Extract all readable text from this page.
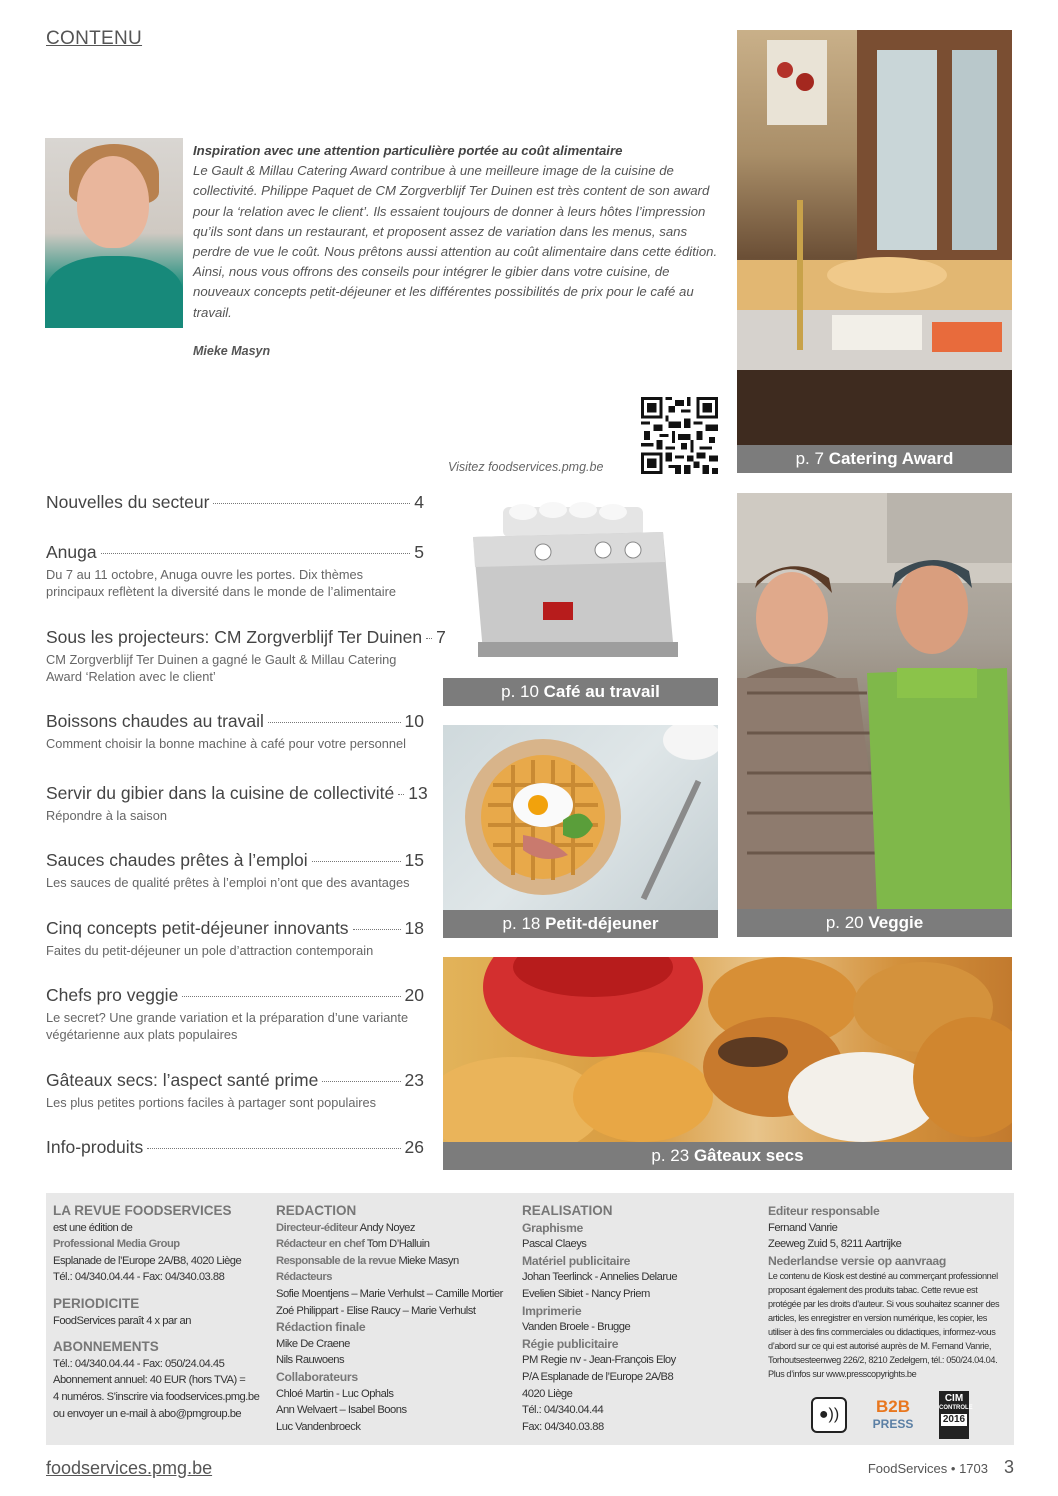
CONTENU
Inspiration avec une attention particulière portée au coût alimentaire
Le Gault & Millau Catering Award contribue à une meilleure image de la cuisine de collectivité. Philippe Paquet de CM Zorgverblijf Ter Duinen est très content de son award pour la ‘relation avec le client’. Ils essaient toujours de donner à leurs hôtes l’impression qu’ils sont dans un restaurant, et proposent assez de variation dans les menus, sans perdre de vue le coût. Nous prêtons aussi attention au coût alimentaire dans cette édition. Ainsi, nous vous offrons des conseils pour intégrer le gibier dans votre cuisine, de nouveaux concepts petit-déjeuner et les différentes possibilités de prix pour le café au travail.
Mieke Masyn
Visitez foodservices.pmg.be	p. 7 Catering Award
p. 10 Café au travail
p. 20 Veggie
p. 18 Petit-déjeuner
p. 23 Gâteaux secs
Nouvelles du secteur	4
Anuga	5
Du 7 au 11 octobre, Anuga ouvre les portes. Dix thèmes principaux reflètent la diversité dans le monde de l’alimentaire
Sous les projecteurs: CM Zorgverblijf Ter Duinen 7
CM Zorgverblijf Ter Duinen a gagné le Gault & Millau Catering Award ‘Relation avec le client’
Boissons chaudes au travail	10
Comment choisir la bonne machine à café pour votre personnel
Servir du gibier dans la cuisine de collectivité 13
Répondre à la saison
Sauces chaudes prêtes à l’emploi	15
Les sauces de qualité prêtes à l’emploi n’ont que des avantages
Cinq concepts petit-déjeuner innovants	18
Faites du petit-déjeuner un pole d’attraction contemporain
Chefs pro veggie	20
Le secret? Une grande variation et la préparation d’une variante végétarienne aux plats populaires
Gâteaux secs: l’aspect santé prime	23
Les plus petites portions faciles à partager sont populaires
Info-produits	26
LA REVUE FOODSERVICES
est une édition de
Professional Media Group
Esplanade de l’Europe 2A/B8, 4020 Liège
Tél.: 04/340.04.44 - Fax: 04/340.03.88
PERIODICITE
FoodServices paraît 4 x par an
ABONNEMENTS
Tél.: 04/340.04.44 - Fax: 050/24.04.45
Abonnement annuel: 40 EUR (hors TVA) =
4 numéros. S’inscrire via foodservices.pmg.be
ou envoyer un e-mail à abo@pmgroup.be
REDACTION
Directeur-éditeur Andy Noyez
Rédacteur en chef Tom D’Halluin
Responsable de la revue Mieke Masyn
Rédacteurs
Sofie Moentjens – Marie Verhulst – Camille Mortier
Zoé Philippart - Elise Raucy – Marie Verhulst
Rédaction finale
Mike De Craene
Nils Rauwoens
Collaborateurs
Chloé Martin - Luc Ophals
Ann Welvaert – Isabel Boons
Luc Vandenbroeck
REALISATION
Graphisme
Pascal Claeys
Matériel publicitaire
Johan Teerlinck - Annelies Delarue
Evelien Sibiet - Nancy Priem
Imprimerie
Vanden Broele - Brugge
Régie publicitaire
PM Regie nv - Jean-François Eloy
P/A Esplanade de l’Europe 2A/B8
4020 Liège
Tél.: 04/340.04.44
Fax: 04/340.03.88
Editeur responsable
Fernand Vanrie
Zeeweg Zuid 5, 8211 Aartrijke
Nederlandse versie op aanvraag
Le contenu de Kiosk est destiné au commerçant professionnel proposant également des produits tabac. Cette revue est protégée par les droits d’auteur. Si vous souhaitez scanner des articles, les enregistrer en version numérique, les copier, les utiliser à des fins commerciales ou didactiques, informez-vous d’abord sur ce qui est autorisé auprès de M. Fernand Vanrie, Torhoutsesteenweg 226/2, 8210 Zedelgem, tél.: 050/24.04.04. Plus d’infos sur www.presscopyrights.be
●))	B2B
PRESS
CIM
CONTROLE
2016
foodservices.pmg.be	FoodServices • 1703 3
